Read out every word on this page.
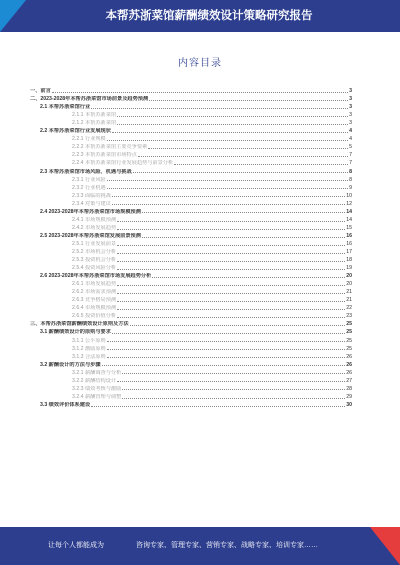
本帮苏浙菜馆薪酬绩效设计策略研究报告
内容目录
一、前言	3
二、2023-2028年本帮苏浙菜馆市场前景及趋势预测	3
2.1 本帮苏浙菜馆行业	3
2.1.1 本帮苏浙菜馆	3
2.1.2 本帮苏浙菜馆	3
2.2 本帮苏浙菜馆行业发展现状	4
2.2.1 行业规模	4
2.2.2 本帮苏浙菜馆主要竞争要素	5
2.2.3 本帮苏浙菜馆市场特点	7
2.2.4 本帮苏浙菜馆行业发展趋势与前景分析	7
2.3 本帮苏浙菜馆市场风险、机遇与挑战	8
2.3.1 行业风险	8
2.3.2 行业机遇	9
2.3.3 面临的挑战	10
2.3.4 对策与建议	12
2.4 2023-2028年本帮苏浙菜馆市场规模预测	14
2.4.1 市场规模预测	14
2.4.2 市场发展趋势	15
2.5 2023-2028年本帮苏浙菜馆发展前景预测	16
2.5.1 行业发展前景	16
2.5.2 市场机会分析	17
2.5.3 投资机会分析	18
2.5.4 投资风险分析	19
2.6 2023-2028年本帮苏浙菜馆市场发展趋势分析	20
2.6.1 市场发展趋势	20
2.6.2 市场需求预测	21
2.6.3 竞争格局预测	21
2.6.4 市场规模预测	22
2.6.5 投资价值分析	23
三、本帮苏浙菜馆薪酬绩效设计原则及方法	25
3.1 薪酬绩效设计的原则与要求	25
3.1.1 公平原则	25
3.1.2 激励原则	25
3.1.3 合法原则	26
3.2 薪酬设计的方法与步骤	26
3.2.1 薪酬调查与分析	26
3.2.2 薪酬结构设计	27
3.2.3 绩效考核与激励	28
3.2.4 薪酬管理与调整	29
3.3 绩效评价体系建设	30
让每个人都能成为	咨询专家、管理专家、营销专家、战略专家、培训专家……
